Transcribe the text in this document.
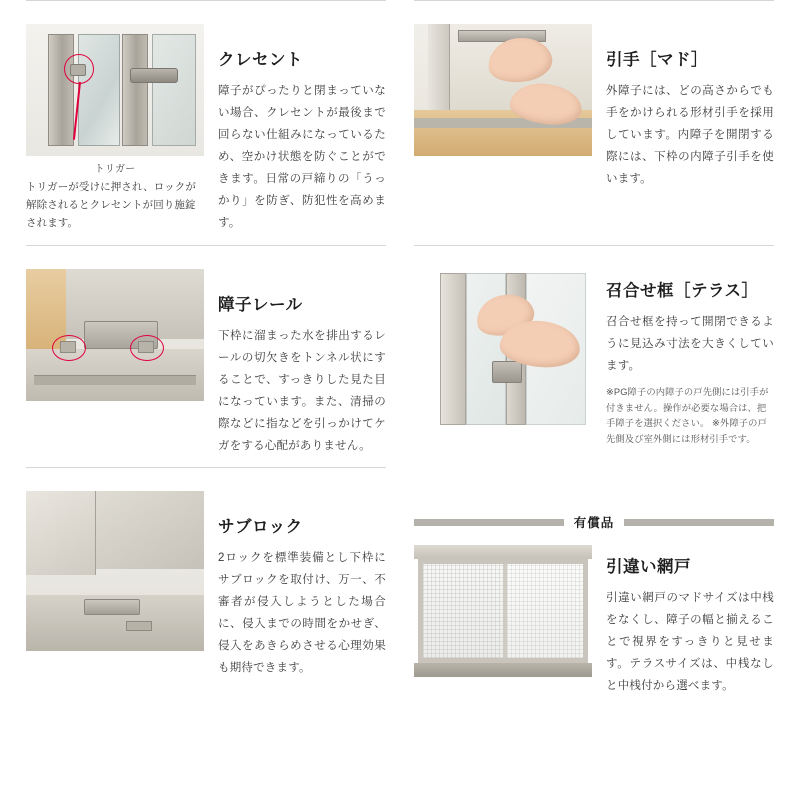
トリガー
トリガーが受けに押され、ロックが解除されるとクレセントが回り施錠されます。
クレセント

障子がぴったりと閉まっていない場合、クレセントが最後まで回らない仕組みになっているため、空かけ状態を防ぐことができます。日常の戸締りの「うっかり」を防ぎ、防犯性を高めます。

引手［マド］

外障子には、どの高さからでも手をかけられる形材引手を採用しています。内障子を開閉する際には、下枠の内障子引手を使います。

障子レール

下枠に溜まった水を排出するレールの切欠きをトンネル状にすることで、すっきりした見た目になっています。また、清掃の際などに指などを引っかけてケガをする心配がありません。

召合せ框［テラス］

召合せ框を持って開閉できるように見込み寸法を大きくしています。

※PG障子の内障子の戸先側には引手が付きません。操作が必要な場合は、把手障子を選択ください。 ※外障子の戸先側及び室外側には形材引手です。

サブロック

2ロックを標準装備とし下枠にサブロックを取付け、万一、不審者が侵入しようとした場合に、侵入までの時間をかせぎ、侵入をあきらめさせる心理効果も期待できます。

有償品
引違い網戸

引違い網戸のマドサイズは中桟をなくし、障子の幅と揃えることで視界をすっきりと見せます。テラスサイズは、中桟なしと中桟付から選べます。
